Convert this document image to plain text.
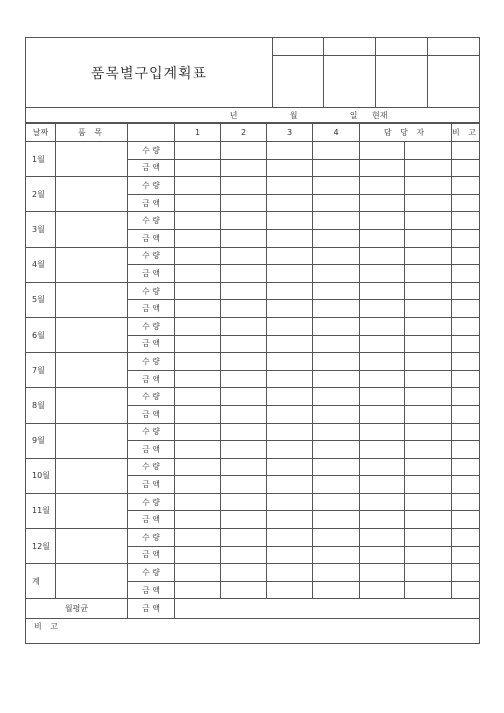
품목별구입계획표				

년 월 일 현재				
날짜	품 목		1	2	3	4	담 당 자		비 고
1월		수 량							
		금 액							
2월		수 량							
		금 액							
3월		수 량							
		금 액							
4월		수 량							
		금 액							
5월		수 량							
		금 액							
6월		수 량							
		금 액							
7월		수 량							
		금 액							
8월		수 량							
		금 액							
9월		수 량							
		금 액							
10월		수 량							
		금 액							
11월		수 량							
		금 액							
12월		수 량							
		금 액							
계		수 량							
		금 액							
월평균		금 액							
비 고									
